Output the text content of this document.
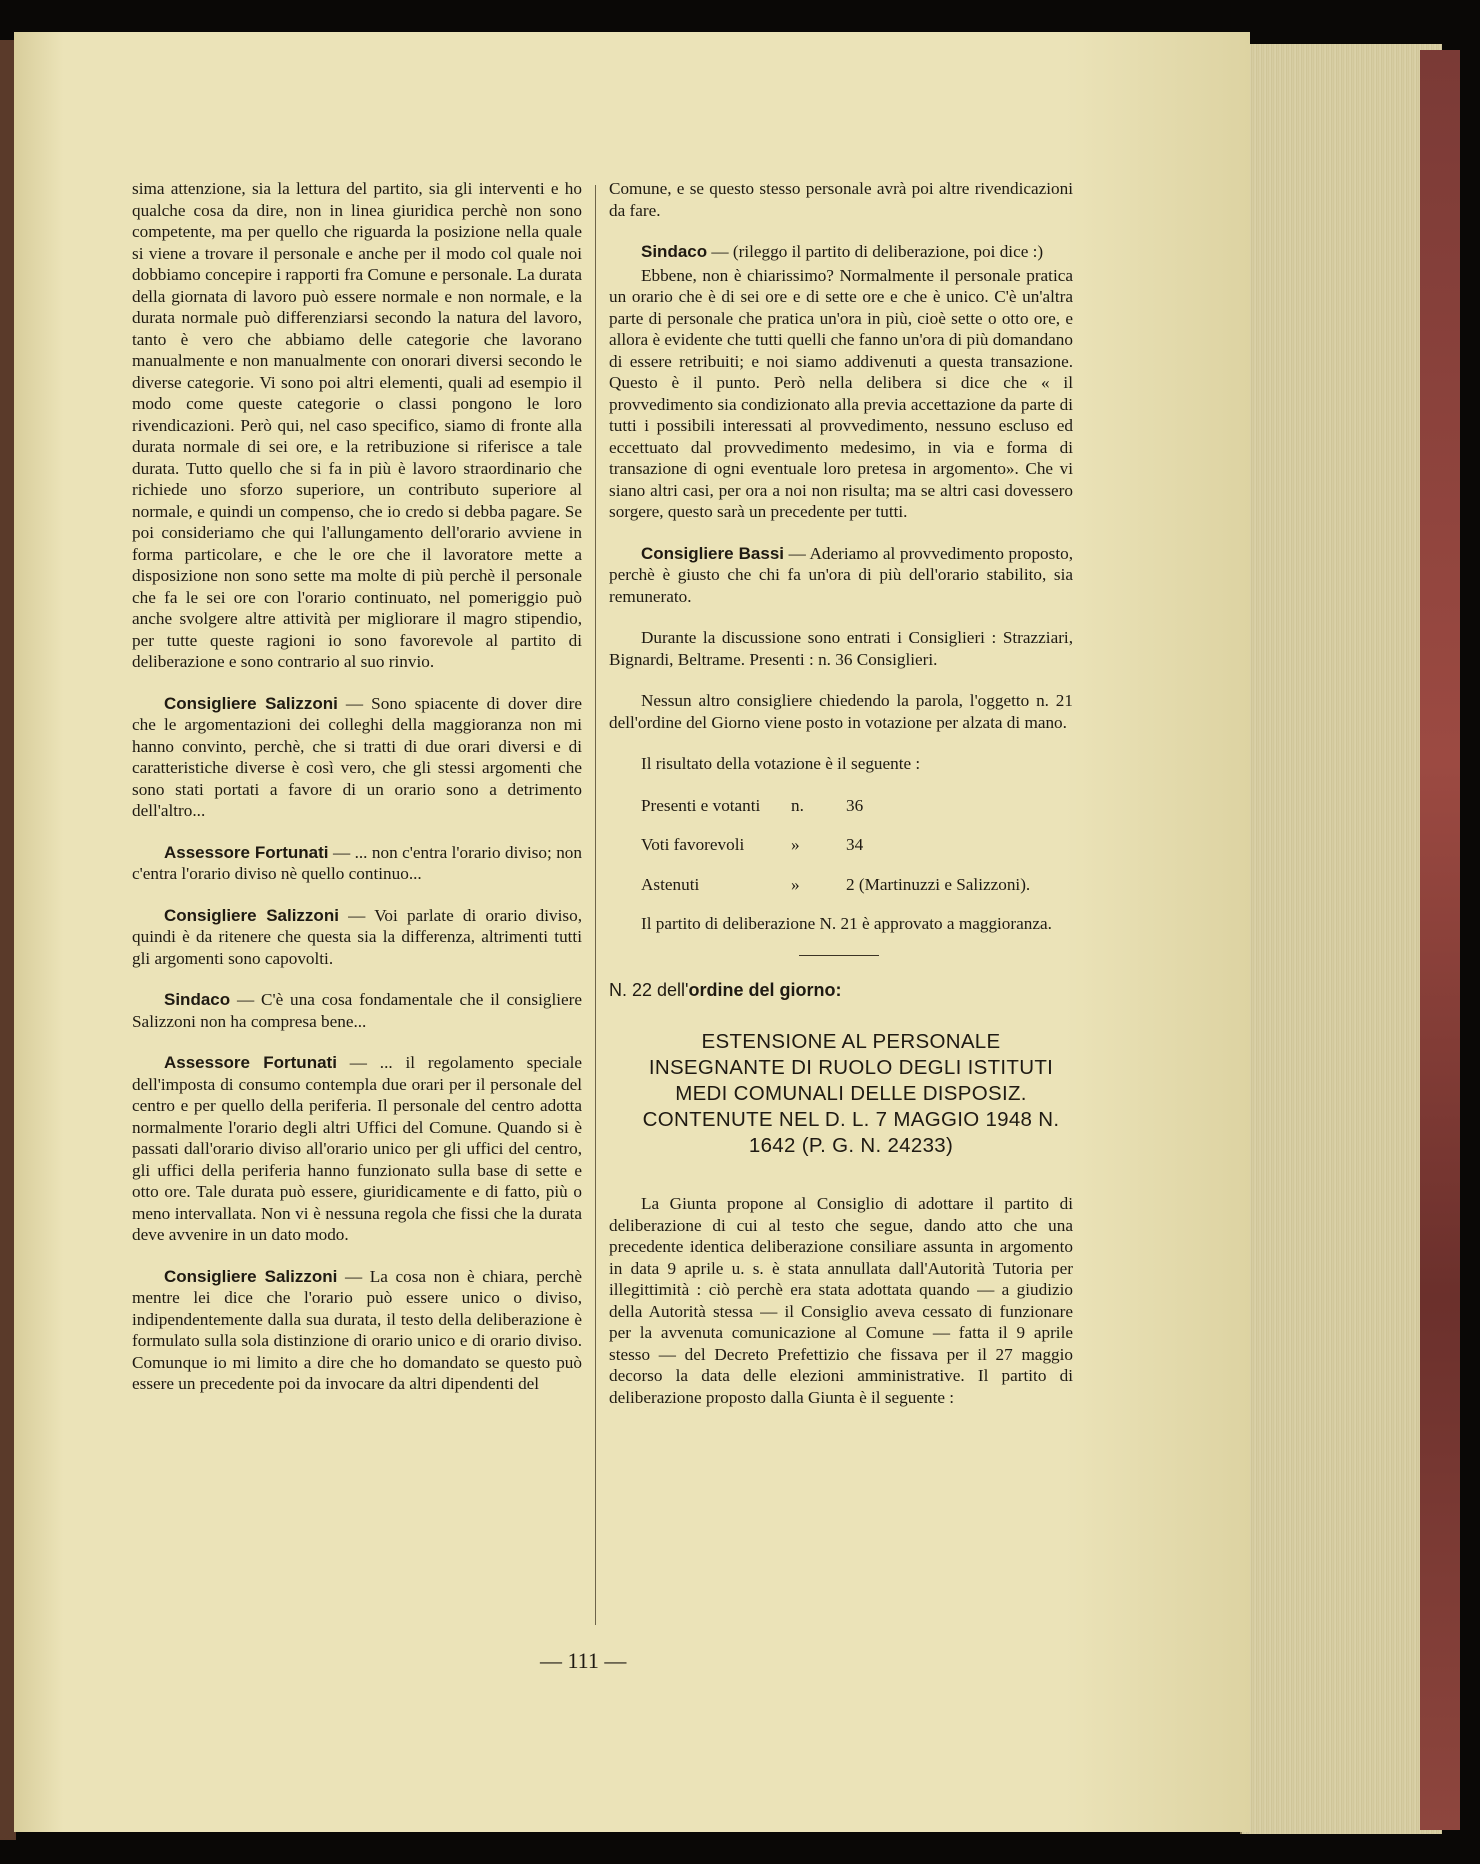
sima attenzione, sia la lettura del partito, sia gli interventi e ho qualche cosa da dire, non in linea giuridica perchè non sono competente, ma per quello che riguarda la posizione nella quale si viene a trovare il personale e anche per il modo col quale noi dobbiamo concepire i rapporti fra Comune e personale. La durata della giornata di lavoro può essere normale e non normale, e la durata normale può differenziarsi secondo la natura del lavoro, tanto è vero che abbiamo delle categorie che lavorano manualmente e non manualmente con onorari diversi secondo le diverse categorie. Vi sono poi altri elementi, quali ad esempio il modo come queste categorie o classi pongono le loro rivendicazioni. Però qui, nel caso specifico, siamo di fronte alla durata normale di sei ore, e la retribuzione si riferisce a tale durata. Tutto quello che si fa in più è lavoro straordinario che richiede uno sforzo superiore, un contributo superiore al normale, e quindi un compenso, che io credo si debba pagare. Se poi consideriamo che qui l'allungamento dell'orario avviene in forma particolare, e che le ore che il lavoratore mette a disposizione non sono sette ma molte di più perchè il personale che fa le sei ore con l'orario continuato, nel pomeriggio può anche svolgere altre attività per migliorare il magro stipendio, per tutte queste ragioni io sono favorevole al partito di deliberazione e sono contrario al suo rinvio.

Consigliere Salizzoni — Sono spiacente di dover dire che le argomentazioni dei colleghi della maggioranza non mi hanno convinto, perchè, che si tratti di due orari diversi e di caratteristiche diverse è così vero, che gli stessi argomenti che sono stati portati a favore di un orario sono a detrimento dell'altro...

Assessore Fortunati — ... non c'entra l'orario diviso; non c'entra l'orario diviso nè quello continuo...

Consigliere Salizzoni — Voi parlate di orario diviso, quindi è da ritenere che questa sia la differenza, altrimenti tutti gli argomenti sono capovolti.

Sindaco — C'è una cosa fondamentale che il consigliere Salizzoni non ha compresa bene...

Assessore Fortunati — ... il regolamento speciale dell'imposta di consumo contempla due orari per il personale del centro e per quello della periferia. Il personale del centro adotta normalmente l'orario degli altri Uffici del Comune. Quando si è passati dall'orario diviso all'orario unico per gli uffici del centro, gli uffici della periferia hanno funzionato sulla base di sette e otto ore. Tale durata può essere, giuridicamente e di fatto, più o meno intervallata. Non vi è nessuna regola che fissi che la durata deve avvenire in un dato modo.

Consigliere Salizzoni — La cosa non è chiara, perchè mentre lei dice che l'orario può essere unico o diviso, indipendentemente dalla sua durata, il testo della deliberazione è formulato sulla sola distinzione di orario unico e di orario diviso. Comunque io mi limito a dire che ho domandato se questo può essere un precedente poi da invocare da altri dipendenti del

Comune, e se questo stesso personale avrà poi altre rivendicazioni da fare.

Sindaco — (rileggo il partito di deliberazione, poi dice :)

Ebbene, non è chiarissimo? Normalmente il personale pratica un orario che è di sei ore e di sette ore e che è unico. C'è un'altra parte di personale che pratica un'ora in più, cioè sette o otto ore, e allora è evidente che tutti quelli che fanno un'ora di più domandano di essere retribuiti; e noi siamo addivenuti a questa transazione. Questo è il punto. Però nella delibera si dice che « il provvedimento sia condizionato alla previa accettazione da parte di tutti i possibili interessati al provvedimento, nessuno escluso ed eccettuato dal provvedimento medesimo, in via e forma di transazione di ogni eventuale loro pretesa in argomento». Che vi siano altri casi, per ora a noi non risulta; ma se altri casi dovessero sorgere, questo sarà un precedente per tutti.

Consigliere Bassi — Aderiamo al provvedimento proposto, perchè è giusto che chi fa un'ora di più dell'orario stabilito, sia remunerato.

Durante la discussione sono entrati i Consiglieri : Strazziari, Bignardi, Beltrame. Presenti : n. 36 Consiglieri.

Nessun altro consigliere chiedendo la parola, l'oggetto n. 21 dell'ordine del Giorno viene posto in votazione per alzata di mano.

Il risultato della votazione è il seguente :

Presenti e votanti	n.	36
Voti favorevoli	»	34
Astenuti	»	2 (Martinuzzi e Salizzoni).

Il partito di deliberazione N. 21 è approvato a maggioranza.

N. 22 dell'ordine del giorno:
ESTENSIONE AL PERSONALE INSEGNANTE DI RUOLO DEGLI ISTITUTI MEDI COMUNALI DELLE DISPOSIZ. CONTENUTE NEL D. L. 7 MAGGIO 1948 N. 1642 (P. G. N. 24233)

La Giunta propone al Consiglio di adottare il partito di deliberazione di cui al testo che segue, dando atto che una precedente identica deliberazione consiliare assunta in argomento in data 9 aprile u. s. è stata annullata dall'Autorità Tutoria per illegittimità : ciò perchè era stata adottata quando — a giudizio della Autorità stessa — il Consiglio aveva cessato di funzionare per la avvenuta comunicazione al Comune — fatta il 9 aprile stesso — del Decreto Prefettizio che fissava per il 27 maggio decorso la data delle elezioni amministrative. Il partito di deliberazione proposto dalla Giunta è il seguente :

— 111 —
